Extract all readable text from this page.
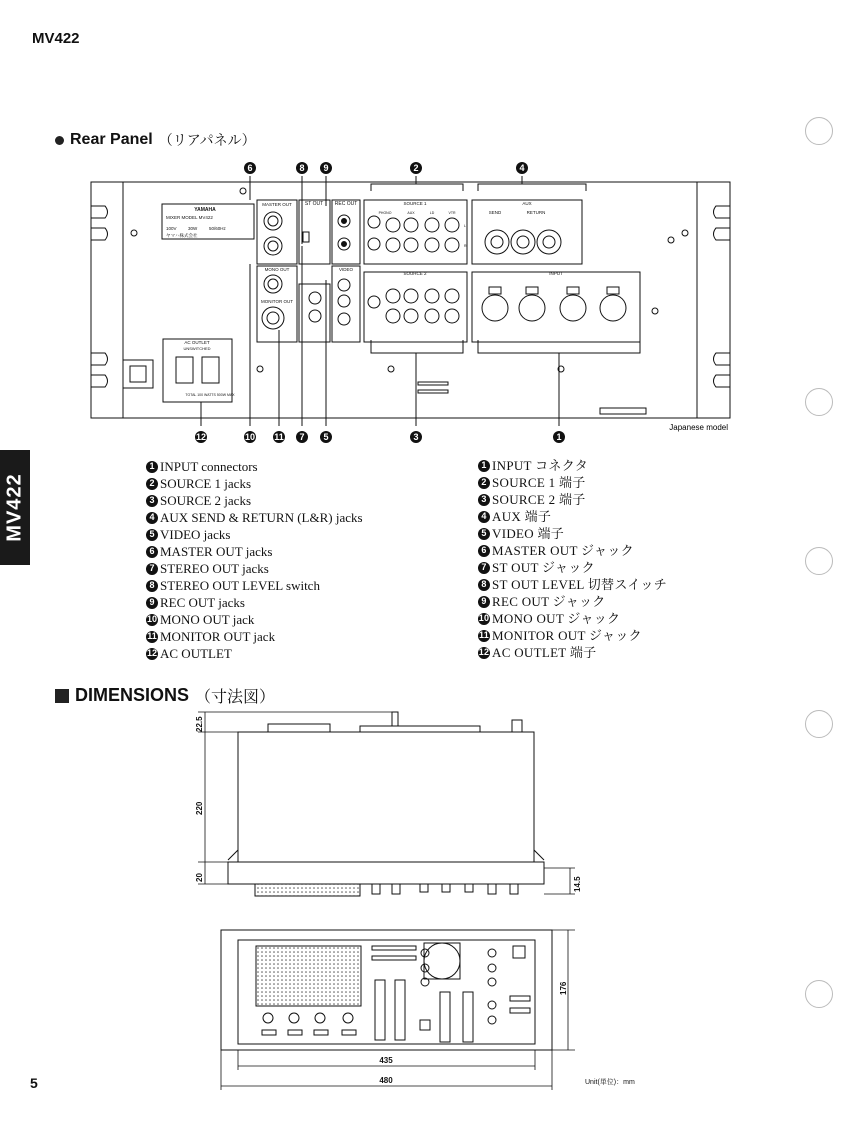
MV422
MV422
5
Rear Panel （リアパネル）
6	8 9	2	4
12	10 11 7 5	3	1
YAMAHA
MIXER MODEL MV422
100V	30W	50/60Hz
ヤマハ株式会社
MASTER OUT	ST OUT REC OUT	SOURCE 1	AUX
SEND	RETURN
SOURCE 2	INPUT
MONO OUT
MONITOR OUT
VIDEO
AC OUTLET
UNSWITCHED
TOTAL 100 WATTS 500W MAX
PHONO	AUX	LD	VTR
L
R
Japanese model
1 INPUT connectors
2 SOURCE 1 jacks
3 SOURCE 2 jacks
4 AUX SEND & RETURN (L&R) jacks
5 VIDEO jacks
6 MASTER OUT jacks
7 STEREO OUT jacks
8 STEREO OUT LEVEL switch
9 REC OUT jacks
10 MONO OUT jack
11 MONITOR OUT jack
12 AC OUTLET
1 INPUT コネクタ
2 SOURCE 1 端子
3 SOURCE 2 端子
4 AUX 端子
5 VIDEO 端子
6 MASTER OUT ジャック
7 ST OUT ジャック
8 ST OUT LEVEL 切替スイッチ
9 REC OUT ジャック
10 MONO OUT ジャック
11 MONITOR OUT ジャック
12 AC OUTLET 端子
DIMENSIONS （寸法図）
22.5
220
20	14.5
176
435
480	Unit(単位)：mm
